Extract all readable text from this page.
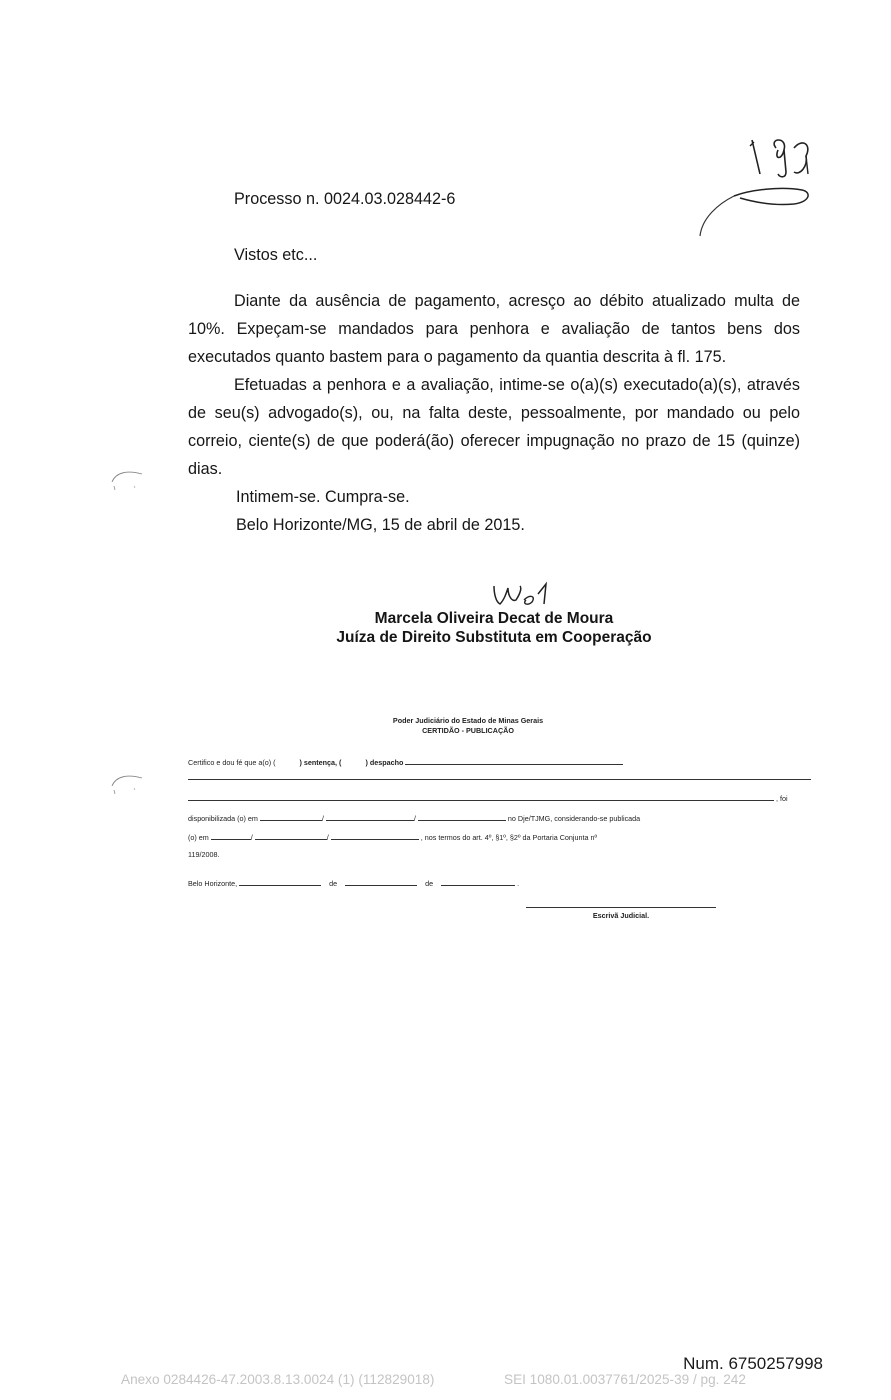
Processo n. 0024.03.028442-6
Vistos etc...
Diante da ausência de pagamento, acresço ao débito atualizado multa de 10%. Expeçam-se mandados para penhora e avaliação de tantos bens dos executados quanto bastem para o pagamento da quantia descrita à fl. 175.
Efetuadas a penhora e a avaliação, intime-se o(a)(s) executado(a)(s), através de seu(s) advogado(s), ou, na falta deste, pessoalmente, por mandado ou pelo correio, ciente(s) de que poderá(ão) oferecer impugnação no prazo de 15 (quinze) dias.
Intimem-se. Cumpra-se.
Belo Horizonte/MG, 15 de abril de 2015.
Marcela Oliveira Decat de Moura
Juíza de Direito Substituta em Cooperação
Poder Judiciário do Estado de Minas Gerais
CERTIDÃO - PUBLICAÇÃO
Certifico e dou fé que a(o) (	) sentença, (	) despacho
, foi
disponibilizada (o) em	/	/	no Dje/TJMG, considerando-se publicada
(o) em	/	/	, nos termos do art. 4º, §1º, §2º da Portaria Conjunta nº
119/2008.
Belo Horizonte,	de	de	.
Escrivã Judicial.
Num. 6750257998
Anexo 0284426-47.2003.8.13.0024 (1) (112829018)	SEI 1080.01.0037761/2025-39 / pg. 242
